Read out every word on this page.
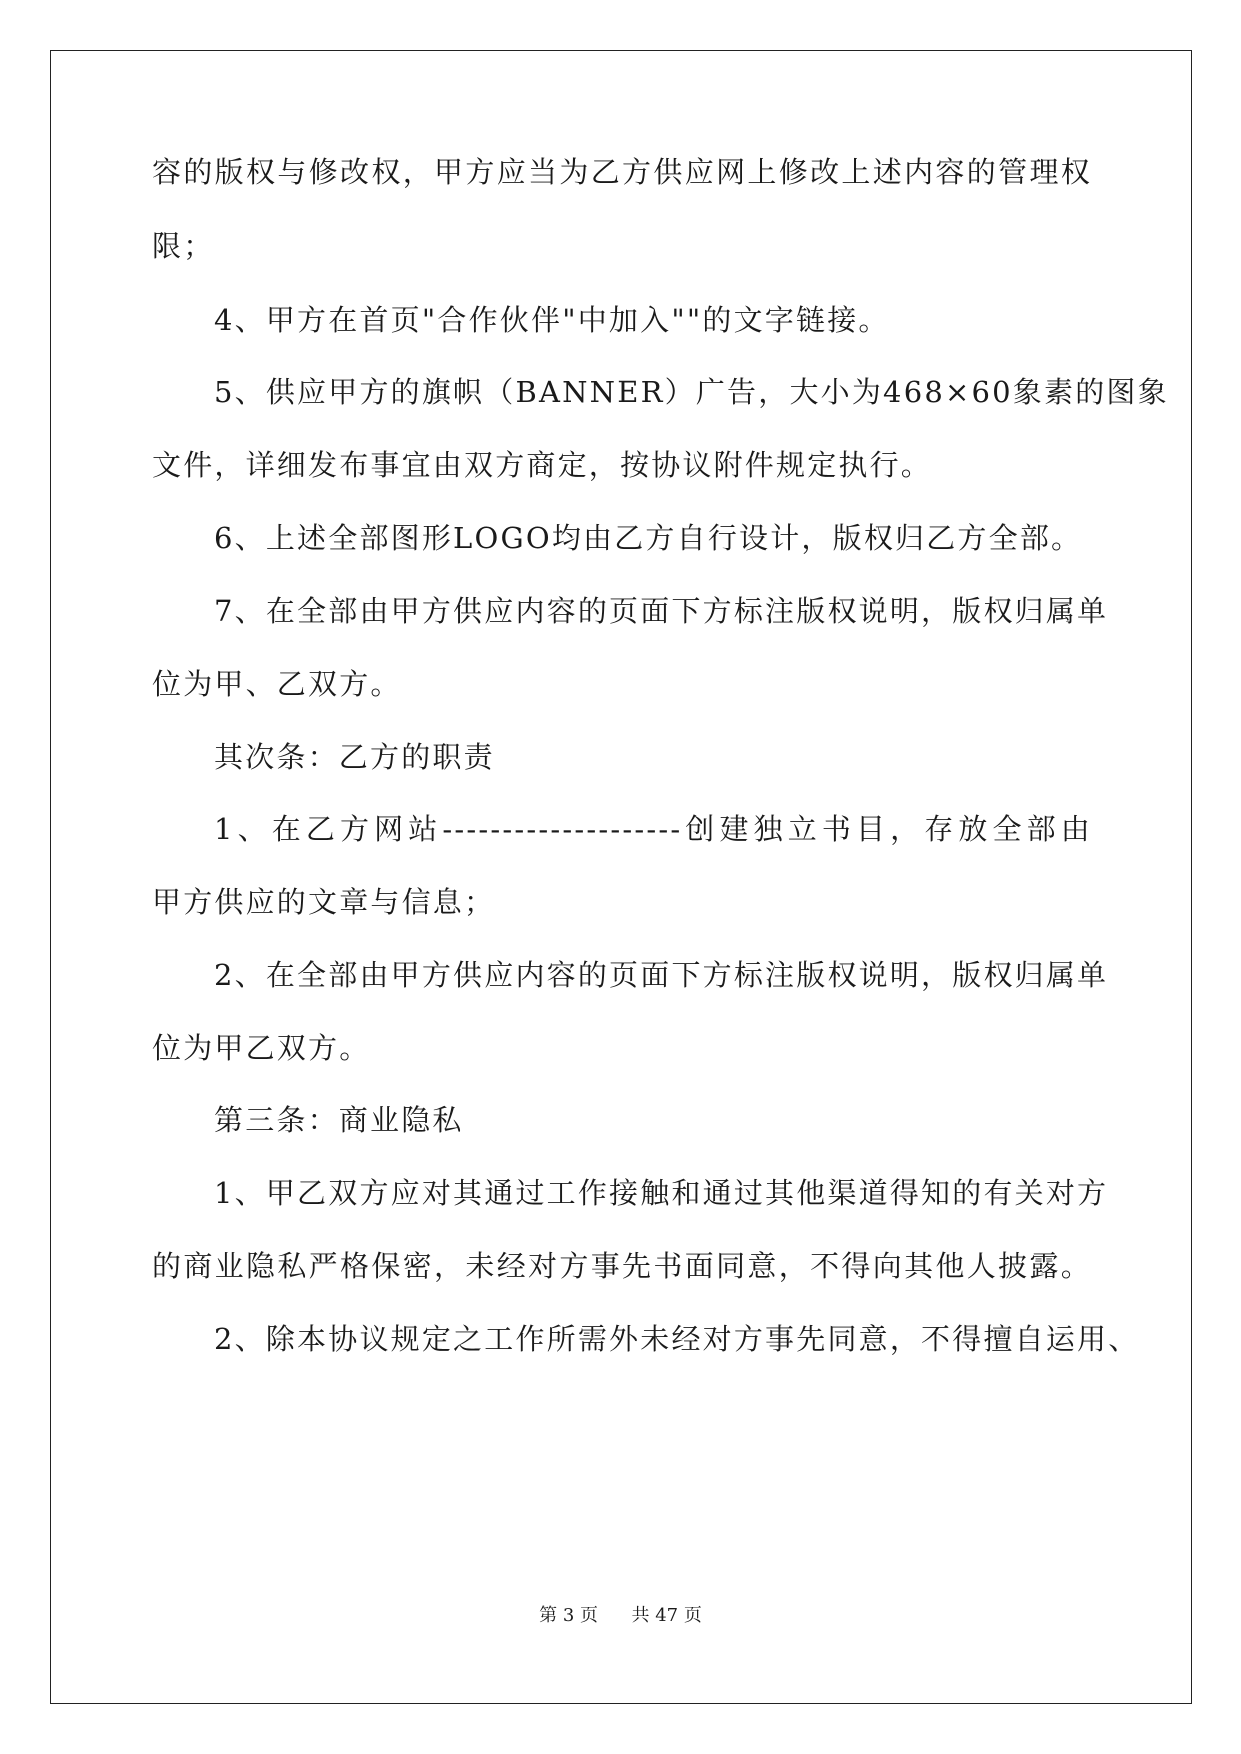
容的版权与修改权，甲方应当为乙方供应网上修改上述内容的管理权
限；
4、甲方在首页"合作伙伴"中加入""的文字链接。
5、供应甲方的旗帜（BANNER）广告，大小为468×60象素的图象
文件，详细发布事宜由双方商定，按协议附件规定执行。
6、上述全部图形LOGO均由乙方自行设计，版权归乙方全部。
7、在全部由甲方供应内容的页面下方标注版权说明，版权归属单
位为甲、乙双方。
其次条：乙方的职责
1、在乙方网站--------------------创建独立书目，存放全部由
甲方供应的文章与信息；
2、在全部由甲方供应内容的页面下方标注版权说明，版权归属单
位为甲乙双方。
第三条：商业隐私
1、甲乙双方应对其通过工作接触和通过其他渠道得知的有关对方
的商业隐私严格保密，未经对方事先书面同意，不得向其他人披露。
2、除本协议规定之工作所需外未经对方事先同意，不得擅自运用、
第 3 页 共 47 页
